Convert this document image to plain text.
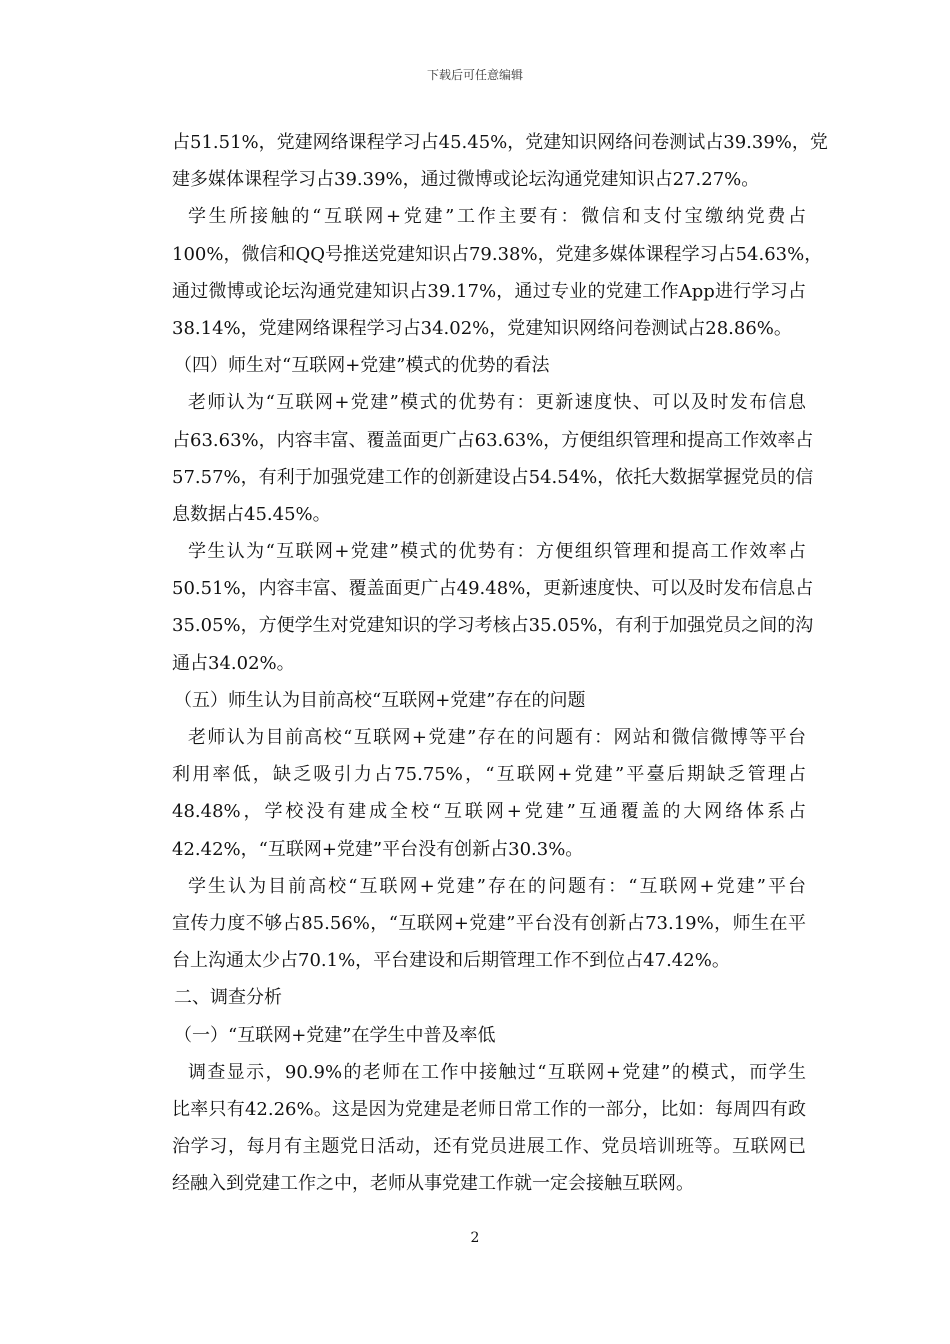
下载后可任意编辑
占51.51%，党建网络课程学习占45.45%，党建知识网络问卷测试占39.39%，党
建多媒体课程学习占39.39%，通过微博或论坛沟通党建知识占27.27%。
学生所接触的“互联网+党建”工作主要有：微信和支付宝缴纳党费占
100%，微信和QQ号推送党建知识占79.38%，党建多媒体课程学习占54.63%，
通过微博或论坛沟通党建知识占39.17%，通过专业的党建工作App进行学习占
38.14%，党建网络课程学习占34.02%，党建知识网络问卷测试占28.86%。
（四）师生对“互联网+党建”模式的优势的看法
老师认为“互联网+党建”模式的优势有：更新速度快、可以及时发布信息
占63.63%，内容丰富、覆盖面更广占63.63%，方便组织管理和提高工作效率占
57.57%，有利于加强党建工作的创新建设占54.54%，依托大数据掌握党员的信
息数据占45.45%。
学生认为“互联网+党建”模式的优势有：方便组织管理和提高工作效率占
50.51%，内容丰富、覆盖面更广占49.48%，更新速度快、可以及时发布信息占
35.05%，方便学生对党建知识的学习考核占35.05%，有利于加强党员之间的沟
通占34.02%。
（五）师生认为目前高校“互联网+党建”存在的问题
老师认为目前高校“互联网+党建”存在的问题有：网站和微信微博等平台
利用率低，缺乏吸引力占75.75%，“互联网+党建”平臺后期缺乏管理占
48.48%，学校没有建成全校“互联网+党建”互通覆盖的大网络体系占
42.42%，“互联网+党建”平台没有创新占30.3%。
学生认为目前高校“互联网+党建”存在的问题有：“互联网+党建”平台
宣传力度不够占85.56%，“互联网+党建”平台没有创新占73.19%，师生在平
台上沟通太少占70.1%，平台建设和后期管理工作不到位占47.42%。
二、调查分析
（一）“互联网+党建”在学生中普及率低
调查显示，90.9%的老师在工作中接触过“互联网+党建”的模式，而学生
比率只有42.26%。这是因为党建是老师日常工作的一部分，比如：每周四有政
治学习，每月有主题党日活动，还有党员进展工作、党员培训班等。互联网已
经融入到党建工作之中，老师从事党建工作就一定会接触互联网。
2
